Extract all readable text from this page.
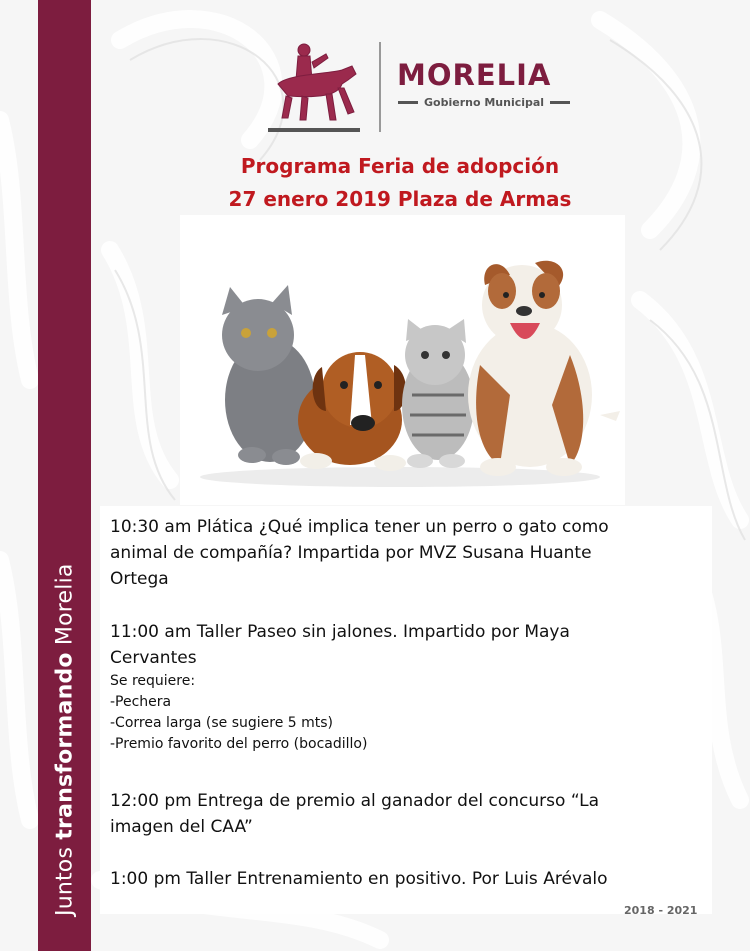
Juntos transformando Morelia
MORELIA
Gobierno Municipal
Programa Feria de adopción
27 enero 2019 Plaza de Armas
10:30 am Plática ¿Qué implica tener un perro o gato como
animal de compañía? Impartida por MVZ Susana Huante
Ortega
11:00 am Taller Paseo sin jalones. Impartido por Maya
Cervantes
Se requiere:
-Pechera
-Correa larga (se sugiere 5 mts)
-Premio favorito del perro (bocadillo)
12:00 pm Entrega de premio al ganador del concurso “La
imagen del CAA”
1:00 pm Taller Entrenamiento en positivo. Por Luis Arévalo
2018 - 2021
